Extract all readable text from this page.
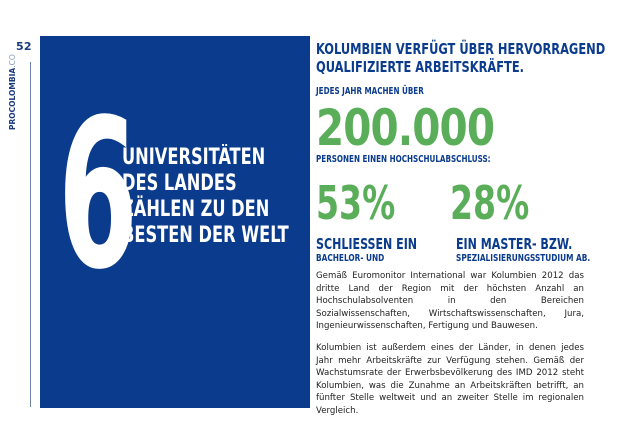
52
PROCOLOMBIA.CO
6
UNIVERSITÄTEN
DES LANDES
ZÄHLEN ZU DEN
BESTEN DER WELT
KOLUMBIEN VERFÜGT ÜBER HERVORRAGEND
QUALIFIZIERTE ARBEITSKRÄFTE.
JEDES JAHR MACHEN ÜBER
200.000
PERSONEN EINEN HOCHSCHULABSCHLUSS:
53% 28%
SCHLIESSEN EIN
BACHELOR- UND
EIN MASTER- BZW.
SPEZIALISIERUNGSSTUDIUM AB.
Gemäß Euromonitor International war Kolumbien 2012 das dritte Land der Region mit der höchsten Anzahl an Hochschulabsolventen in den Bereichen Sozialwissenschaften, Wirtschaftswissenschaften, Jura, Ingenieurwissenschaften, Fertigung und Bauwesen.
Kolumbien ist außerdem eines der Länder, in denen jedes Jahr mehr Arbeitskräfte zur Verfügung stehen. Gemäß der Wachstumsrate der Erwerbsbevölkerung des IMD 2012 steht Kolumbien, was die Zunahme an Arbeitskräften betrifft, an fünfter Stelle weltweit und an zweiter Stelle im regionalen Vergleich.
